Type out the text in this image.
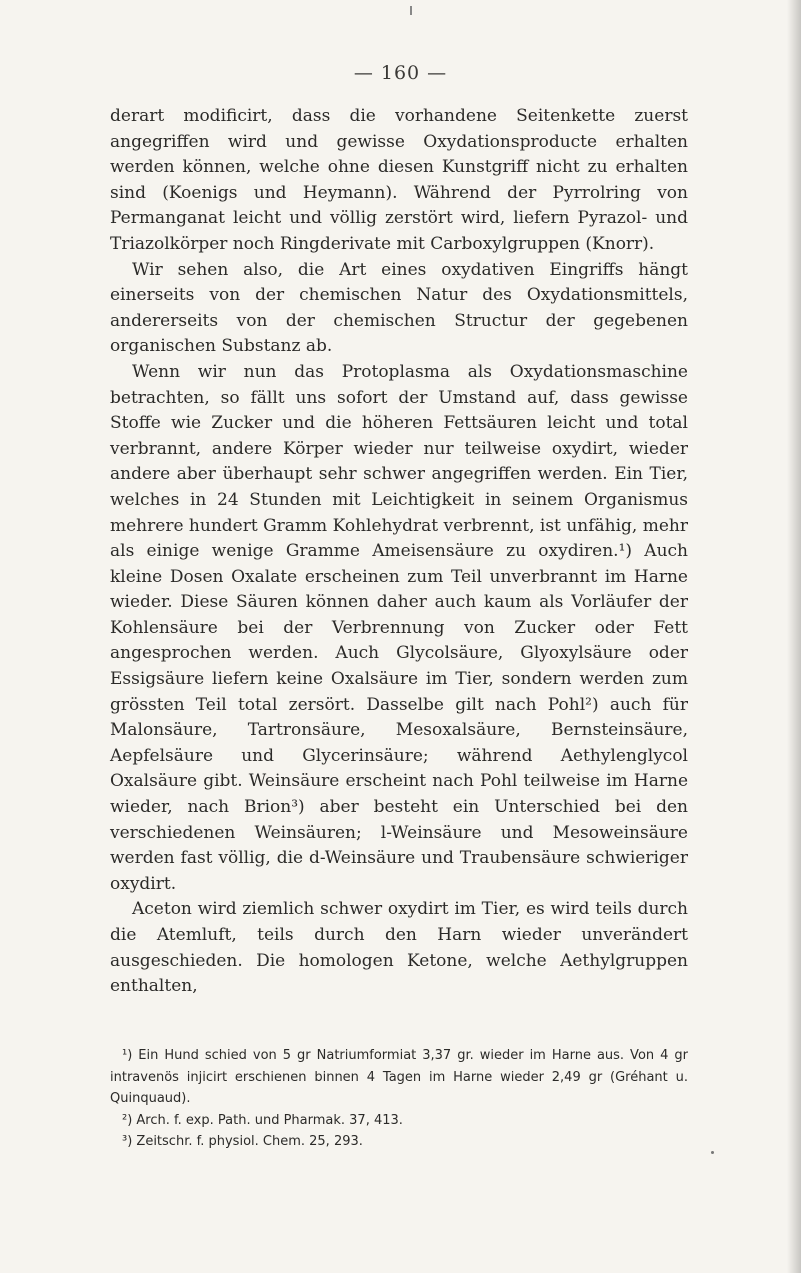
— 160 —

derart modificirt, dass die vorhandene Seitenkette zuerst angegriffen wird und gewisse Oxydationsproducte erhalten werden können, welche ohne diesen Kunstgriff nicht zu erhalten sind (Koenigs und Heymann). Während der Pyrrolring von Permanganat leicht und völlig zerstört wird, liefern Pyrazol- und Triazolkörper noch Ringderivate mit Carboxylgruppen (Knorr).

Wir sehen also, die Art eines oxydativen Eingriffs hängt einerseits von der chemischen Natur des Oxydationsmittels, andererseits von der chemischen Structur der gegebenen organischen Substanz ab.

Wenn wir nun das Protoplasma als Oxydationsmaschine betrachten, so fällt uns sofort der Umstand auf, dass gewisse Stoffe wie Zucker und die höheren Fettsäuren leicht und total verbrannt, andere Körper wieder nur teilweise oxydirt, wieder andere aber überhaupt sehr schwer angegriffen werden. Ein Tier, welches in 24 Stunden mit Leichtigkeit in seinem Organismus mehrere hundert Gramm Kohlehydrat verbrennt, ist unfähig, mehr als einige wenige Gramme Ameisensäure zu oxydiren.¹) Auch kleine Dosen Oxalate erscheinen zum Teil unverbrannt im Harne wieder. Diese Säuren können daher auch kaum als Vorläufer der Kohlensäure bei der Verbrennung von Zucker oder Fett angesprochen werden. Auch Glycolsäure, Glyoxylsäure oder Essigsäure liefern keine Oxalsäure im Tier, sondern werden zum grössten Teil total zersört. Dasselbe gilt nach Pohl²) auch für Malonsäure, Tartronsäure, Mesoxalsäure, Bernsteinsäure, Aepfelsäure und Glycerinsäure; während Aethylenglycol Oxalsäure gibt. Weinsäure erscheint nach Pohl teilweise im Harne wieder, nach Brion³) aber besteht ein Unterschied bei den verschiedenen Weinsäuren; l-Weinsäure und Mesoweinsäure werden fast völlig, die d-Weinsäure und Traubensäure schwieriger oxydirt.

Aceton wird ziemlich schwer oxydirt im Tier, es wird teils durch die Atemluft, teils durch den Harn wieder unverändert ausgeschieden. Die homologen Ketone, welche Aethylgruppen enthalten,

¹) Ein Hund schied von 5 gr Natriumformiat 3,37 gr. wieder im Harne aus. Von 4 gr intravenös injicirt erschienen binnen 4 Tagen im Harne wieder 2,49 gr (Gréhant u. Quinquaud).

²) Arch. f. exp. Path. und Pharmak. 37, 413.

³) Zeitschr. f. physiol. Chem. 25, 293.
